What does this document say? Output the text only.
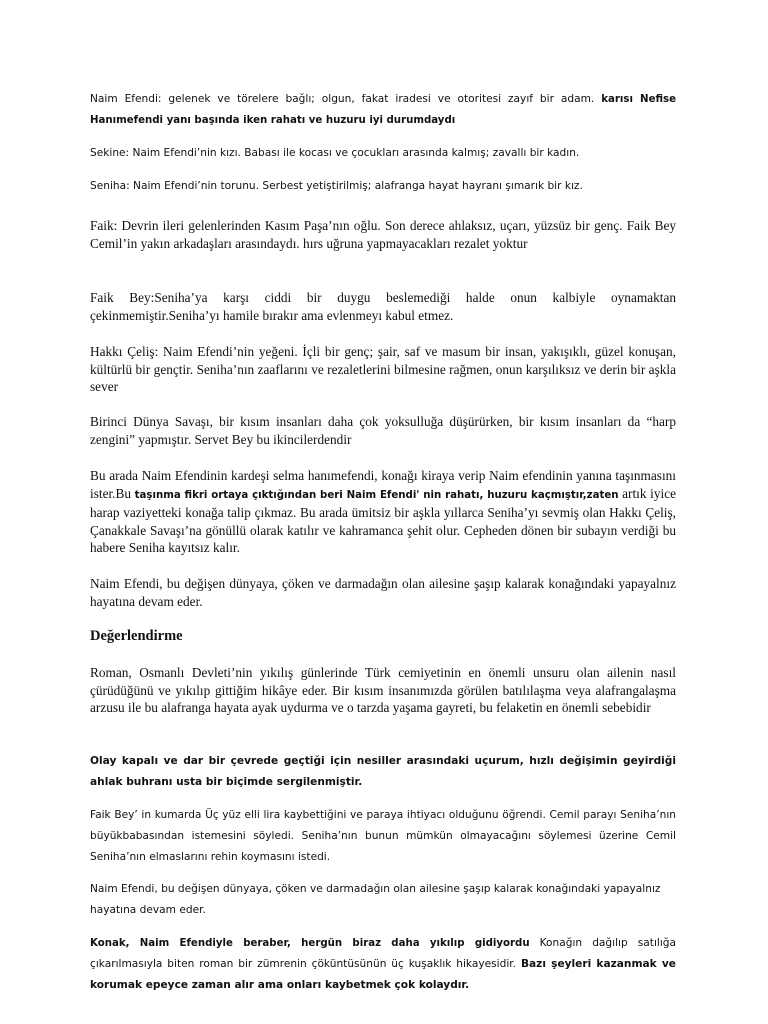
Naim Efendi: gelenek ve törelere bağlı; olgun, fakat iradesi ve otoritesi zayıf bir adam. karısı Nefise Hanımefendi yanı başında iken rahatı ve huzuru iyi durumdaydı

Sekine: Naim Efendi’nin kızı. Babası ile kocası ve çocukları arasında kalmış; zavallı bir kadın.

Seniha: Naim Efendi’nin torunu. Serbest yetiştirilmiş; alafranga hayat hayranı şımarık bir kız.

Faik: Devrin ileri gelenlerinden Kasım Paşa’nın oğlu. Son derece ahlaksız, uçarı, yüzsüz bir genç. Faik Bey Cemil’in yakın arkadaşları arasındaydı. hırs uğruna yapmayacakları rezalet yoktur

Faik Bey:Seniha’ya karşı ciddi bir duygu beslemediği halde onun kalbiyle oynamaktan çekinmemiştir.Seniha’yı hamile bırakır ama evlenmeyı kabul etmez.

Hakkı Çeliş: Naim Efendi’nin yeğeni. İçli bir genç; şair, saf ve masum bir insan, yakışıklı, güzel konuşan, kültürlü bir gençtir. Seniha’nın zaaflarını ve rezaletlerini bilmesine rağmen, onun karşılıksız ve derin bir aşkla sever

Birinci Dünya Savaşı, bir kısım insanları daha çok yoksulluğa düşürürken, bir kısım insanları da “harp zengini” yapmıştır. Servet Bey bu ikincilerdendir

Bu arada Naim Efendinin kardeşi selma hanımefendi, konağı kiraya verip Naim efendinin yanına taşınmasını ister.Bu taşınma fikri ortaya çıktığından beri Naim Efendi' nin rahatı, huzuru kaçmıştır,zaten artık iyice harap vaziyetteki konağa talip çıkmaz. Bu arada ümitsiz bir aşkla yıllarca Seniha’yı sevmiş olan Hakkı Çeliş, Çanakkale Savaşı’na gönüllü olarak katılır ve kahramanca şehit olur. Cepheden dönen bir subayın verdiği bu habere Seniha kayıtsız kalır.

Naim Efendi, bu değişen dünyaya, çöken ve darmadağın olan ailesine şaşıp kalarak konağındaki yapayalnız hayatına devam eder.

Değerlendirme

Roman, Osmanlı Devleti’nin yıkılış günlerinde Türk cemiyetinin en önemli unsuru olan ailenin nasıl çürüdüğünü ve yıkılıp gittiğim hikâye eder. Bir kısım insanımızda görülen batılılaşma veya alafrangalaşma arzusu ile bu alafranga hayata ayak uydurma ve o tarzda yaşama gayreti, bu felaketin en önemli sebebidir

Olay kapalı ve dar bir çevrede geçtiği için nesiller arasındaki uçurum, hızlı değişimin geyirdiği ahlak buhranı usta bir biçimde sergilenmiştir.

Faik Bey’ in kumarda Üç yüz elli lira kaybettiğini ve paraya ihtiyacı olduğunu öğrendi. Cemil parayı Seniha’nın büyükbabasından istemesini söyledi. Seniha’nın bunun mümkün olmayacağını söylemesi üzerine Cemil Seniha’nın elmaslarını rehin koymasını istedi.

Naim Efendi, bu değişen dünyaya, çöken ve darmadağın olan ailesine şaşıp kalarak konağındaki yapayalnız hayatına devam eder.

Konak, Naim Efendiyle beraber, hergün biraz daha yıkılıp gidiyordu Konağın dağılıp satılığa çıkarılmasıyla biten roman bir zümrenin çöküntüsünün üç kuşaklık hikayesidir. Bazı şeyleri kazanmak ve korumak epeyce zaman alır ama onları kaybetmek çok kolaydır.
